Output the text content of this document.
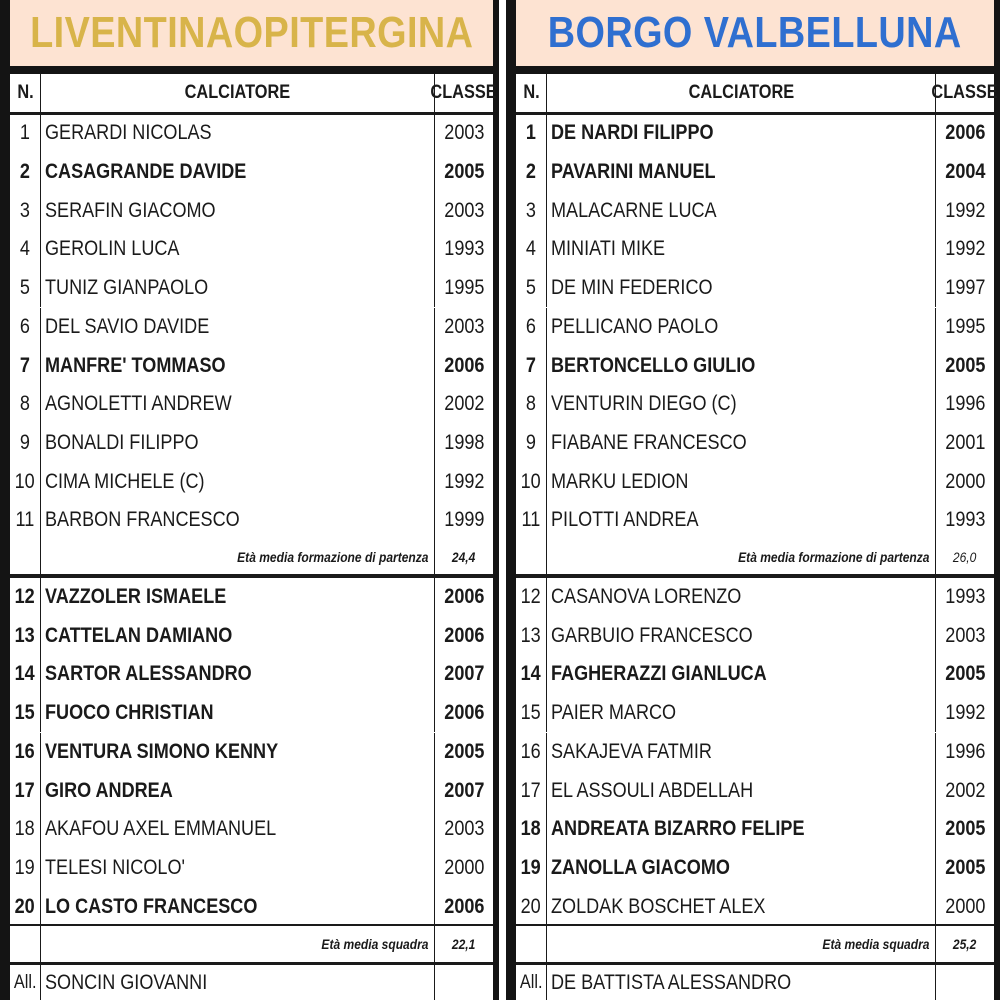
LIVENTINAOPITERGINA
N.	CALCIATORE	CLASSE
1 GERARDI NICOLAS	2003
2 CASAGRANDE DAVIDE	2005
3 SERAFIN GIACOMO	2003
4 GEROLIN LUCA	1993
5 TUNIZ GIANPAOLO	1995
6 DEL SAVIO DAVIDE	2003
7 MANFRE' TOMMASO	2006
8 AGNOLETTI ANDREW	2002
9 BONALDI FILIPPO	1998
10 CIMA MICHELE (C)	1992
11 BARBON FRANCESCO	1999
Età media formazione di partenza 24,4
12 VAZZOLER ISMAELE	2006
13 CATTELAN DAMIANO	2006
14 SARTOR ALESSANDRO	2007
15 FUOCO CHRISTIAN	2006
16 VENTURA SIMONO KENNY	2005
17 GIRO ANDREA	2007
18 AKAFOU AXEL EMMANUEL	2003
19 TELESI NICOLO'	2000
20 LO CASTO FRANCESCO	2006
Età media squadra 22,1
All. SONCIN GIOVANNI
BORGO VALBELLUNA
N.	CALCIATORE	CLASSE
1 DE NARDI FILIPPO	2006
2 PAVARINI MANUEL	2004
3 MALACARNE LUCA	1992
4 MINIATI MIKE	1992
5 DE MIN FEDERICO	1997
6 PELLICANO PAOLO	1995
7 BERTONCELLO GIULIO	2005
8 VENTURIN DIEGO (C)	1996
9 FIABANE FRANCESCO	2001
10 MARKU LEDION	2000
11 PILOTTI ANDREA	1993
Età media formazione di partenza 26,0
12 CASANOVA LORENZO	1993
13 GARBUIO FRANCESCO	2003
14 FAGHERAZZI GIANLUCA	2005
15 PAIER MARCO	1992
16 SAKAJEVA FATMIR	1996
17 EL ASSOULI ABDELLAH	2002
18 ANDREATA BIZARRO FELIPE	2005
19 ZANOLLA GIACOMO	2005
20 ZOLDAK BOSCHET ALEX	2000
Età media squadra 25,2
All. DE BATTISTA ALESSANDRO
